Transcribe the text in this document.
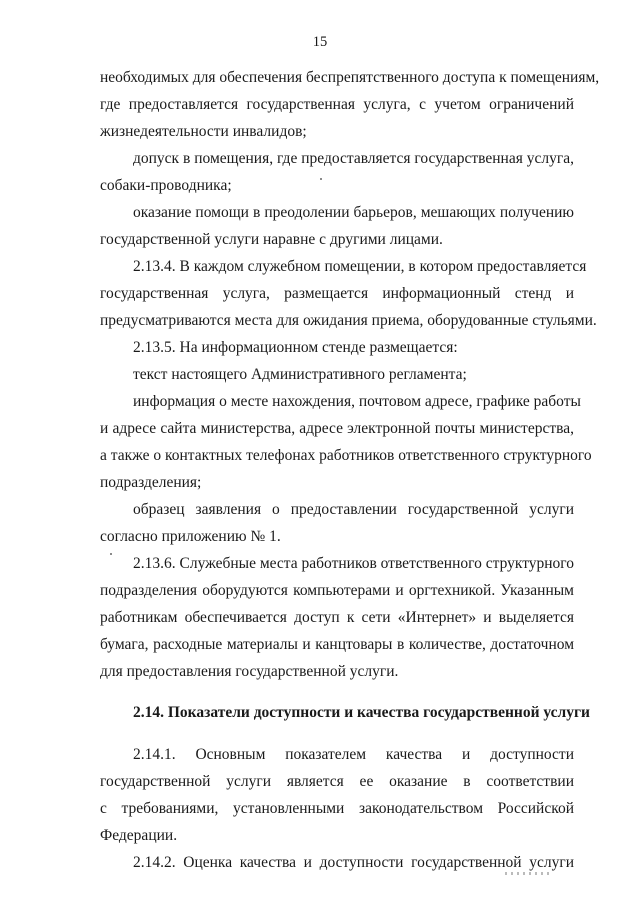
15
необходимых для обеспечения беспрепятственного доступа к помещениям,
где предоставляется государственная услуга, с учетом ограничений
жизнедеятельности инвалидов;
допуск в помещения, где предоставляется государственная услуга,
собаки-проводника;
оказание помощи в преодолении барьеров, мешающих получению
государственной услуги наравне с другими лицами.
2.13.4. В каждом служебном помещении, в котором предоставляется
государственная услуга, размещается информационный стенд и
предусматриваются места для ожидания приема, оборудованные стульями.
2.13.5. На информационном стенде размещается:
текст настоящего Административного регламента;
информация о месте нахождения, почтовом адресе, графике работы
и адресе сайта министерства, адресе электронной почты министерства,
а также о контактных телефонах работников ответственного структурного
подразделения;
образец заявления о предоставлении государственной услуги
согласно приложению № 1.
2.13.6. Служебные места работников ответственного структурного
подразделения оборудуются компьютерами и оргтехникой. Указанным
работникам обеспечивается доступ к сети «Интернет» и выделяется
бумага, расходные материалы и канцтовары в количестве, достаточном
для предоставления государственной услуги.
2.14. Показатели доступности и качества государственной услуги
2.14.1. Основным показателем качества и доступности
государственной услуги является ее оказание в соответствии
с требованиями, установленными законодательством Российской
Федерации.
2.14.2. Оценка качества и доступности государственной услуги
